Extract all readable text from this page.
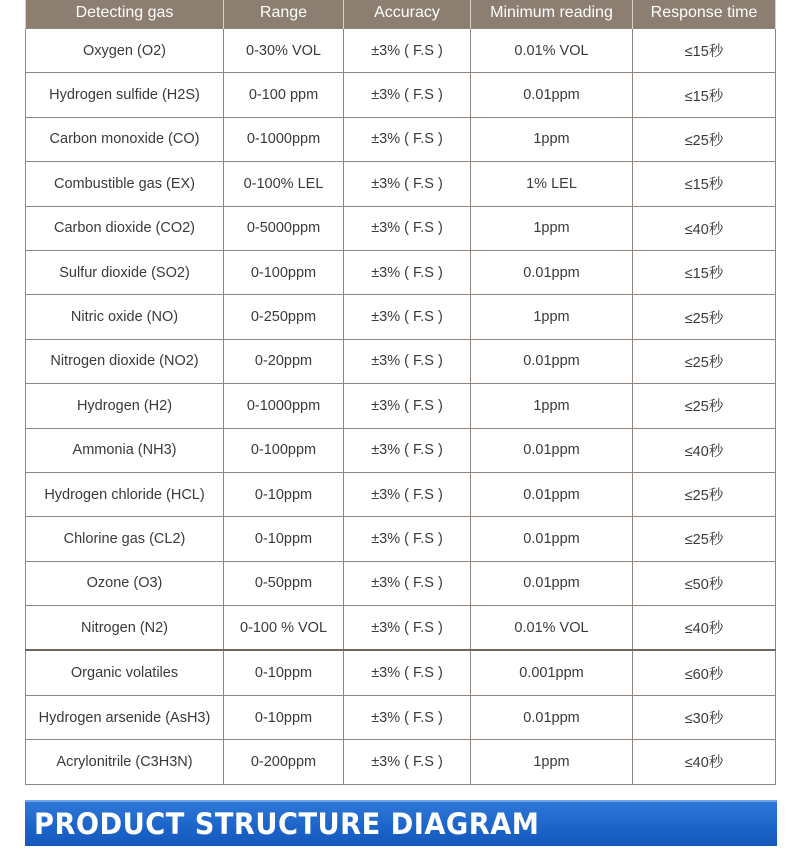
Detecting gas	Range	Accuracy	Minimum reading	Response time
Oxygen (O2)	0-30% VOL	±3% ( F.S )	0.01% VOL	≤15秒
Hydrogen sulfide (H2S)	0-100 ppm	±3% ( F.S )	0.01ppm	≤15秒
Carbon monoxide (CO)	0-1000ppm	±3% ( F.S )	1ppm	≤25秒
Combustible gas (EX)	0-100% LEL	±3% ( F.S )	1% LEL	≤15秒
Carbon dioxide (CO2)	0-5000ppm	±3% ( F.S )	1ppm	≤40秒
Sulfur dioxide (SO2)	0-100ppm	±3% ( F.S )	0.01ppm	≤15秒
Nitric oxide (NO)	0-250ppm	±3% ( F.S )	1ppm	≤25秒
Nitrogen dioxide (NO2)	0-20ppm	±3% ( F.S )	0.01ppm	≤25秒
Hydrogen (H2)	0-1000ppm	±3% ( F.S )	1ppm	≤25秒
Ammonia (NH3)	0-100ppm	±3% ( F.S )	0.01ppm	≤40秒
Hydrogen chloride (HCL)	0-10ppm	±3% ( F.S )	0.01ppm	≤25秒
Chlorine gas (CL2)	0-10ppm	±3% ( F.S )	0.01ppm	≤25秒
Ozone (O3)	0-50ppm	±3% ( F.S )	0.01ppm	≤50秒
Nitrogen (N2)	0-100 % VOL	±3% ( F.S )	0.01% VOL	≤40秒
Organic volatiles	0-10ppm	±3% ( F.S )	0.001ppm	≤60秒
Hydrogen arsenide (AsH3)	0-10ppm	±3% ( F.S )	0.01ppm	≤30秒
Acrylonitrile (C3H3N)	0-200ppm	±3% ( F.S )	1ppm	≤40秒
PRODUCT STRUCTURE DIAGRAM
